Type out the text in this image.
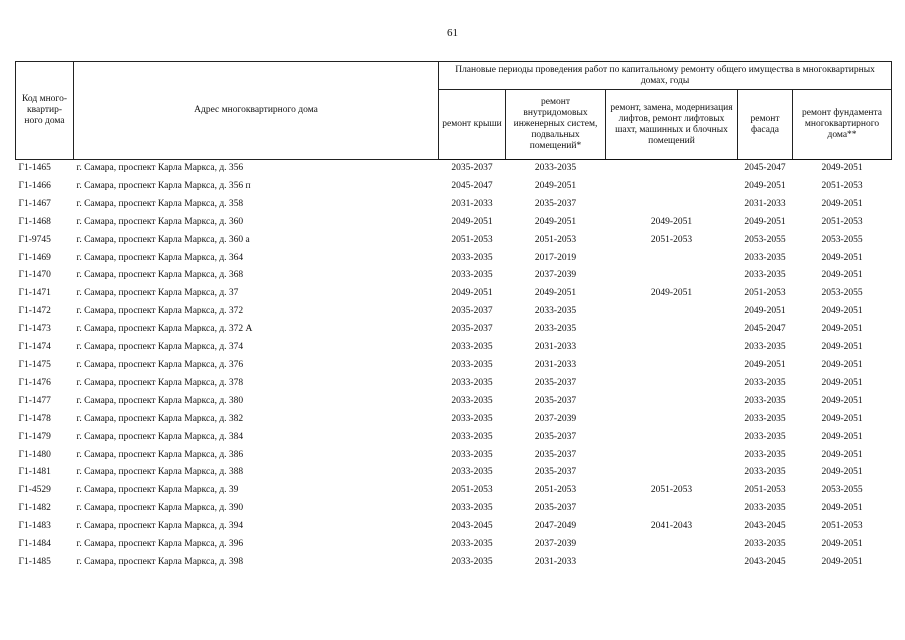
61
Код много-квартир-ного дома	Адрес многоквартирного дома	Плановые периоды проведения работ по капитальному ремонту общего имущества в многоквартирных домах, годы				
		ремонт крыши	ремонт внутридомовых инженерных систем, подвальных помещений*	ремонт, замена, модернизация лифтов, ремонт лифтовых шахт, машинных и блочных помещений	ремонт фасада	ремонт фундамента многоквартирного дома**
Г1-1465	г. Самара, проспект Карла Маркса, д. 356	2035-2037	2033-2035		2045-2047	2049-2051
Г1-1466	г. Самара, проспект Карла Маркса, д. 356 п	2045-2047	2049-2051		2049-2051	2051-2053
Г1-1467	г. Самара, проспект Карла Маркса, д. 358	2031-2033	2035-2037		2031-2033	2049-2051
Г1-1468	г. Самара, проспект Карла Маркса, д. 360	2049-2051	2049-2051	2049-2051	2049-2051	2051-2053
Г1-9745	г. Самара, проспект Карла Маркса, д. 360 а	2051-2053	2051-2053	2051-2053	2053-2055	2053-2055
Г1-1469	г. Самара, проспект Карла Маркса, д. 364	2033-2035	2017-2019		2033-2035	2049-2051
Г1-1470	г. Самара, проспект Карла Маркса, д. 368	2033-2035	2037-2039		2033-2035	2049-2051
Г1-1471	г. Самара, проспект Карла Маркса, д. 37	2049-2051	2049-2051	2049-2051	2051-2053	2053-2055
Г1-1472	г. Самара, проспект Карла Маркса, д. 372	2035-2037	2033-2035		2049-2051	2049-2051
Г1-1473	г. Самара, проспект Карла Маркса, д. 372 А	2035-2037	2033-2035		2045-2047	2049-2051
Г1-1474	г. Самара, проспект Карла Маркса, д. 374	2033-2035	2031-2033		2033-2035	2049-2051
Г1-1475	г. Самара, проспект Карла Маркса, д. 376	2033-2035	2031-2033		2049-2051	2049-2051
Г1-1476	г. Самара, проспект Карла Маркса, д. 378	2033-2035	2035-2037		2033-2035	2049-2051
Г1-1477	г. Самара, проспект Карла Маркса, д. 380	2033-2035	2035-2037		2033-2035	2049-2051
Г1-1478	г. Самара, проспект Карла Маркса, д. 382	2033-2035	2037-2039		2033-2035	2049-2051
Г1-1479	г. Самара, проспект Карла Маркса, д. 384	2033-2035	2035-2037		2033-2035	2049-2051
Г1-1480	г. Самара, проспект Карла Маркса, д. 386	2033-2035	2035-2037		2033-2035	2049-2051
Г1-1481	г. Самара, проспект Карла Маркса, д. 388	2033-2035	2035-2037		2033-2035	2049-2051
Г1-4529	г. Самара, проспект Карла Маркса, д. 39	2051-2053	2051-2053	2051-2053	2051-2053	2053-2055
Г1-1482	г. Самара, проспект Карла Маркса, д. 390	2033-2035	2035-2037		2033-2035	2049-2051
Г1-1483	г. Самара, проспект Карла Маркса, д. 394	2043-2045	2047-2049	2041-2043	2043-2045	2051-2053
Г1-1484	г. Самара, проспект Карла Маркса, д. 396	2033-2035	2037-2039		2033-2035	2049-2051
Г1-1485	г. Самара, проспект Карла Маркса, д. 398	2033-2035	2031-2033		2043-2045	2049-2051
